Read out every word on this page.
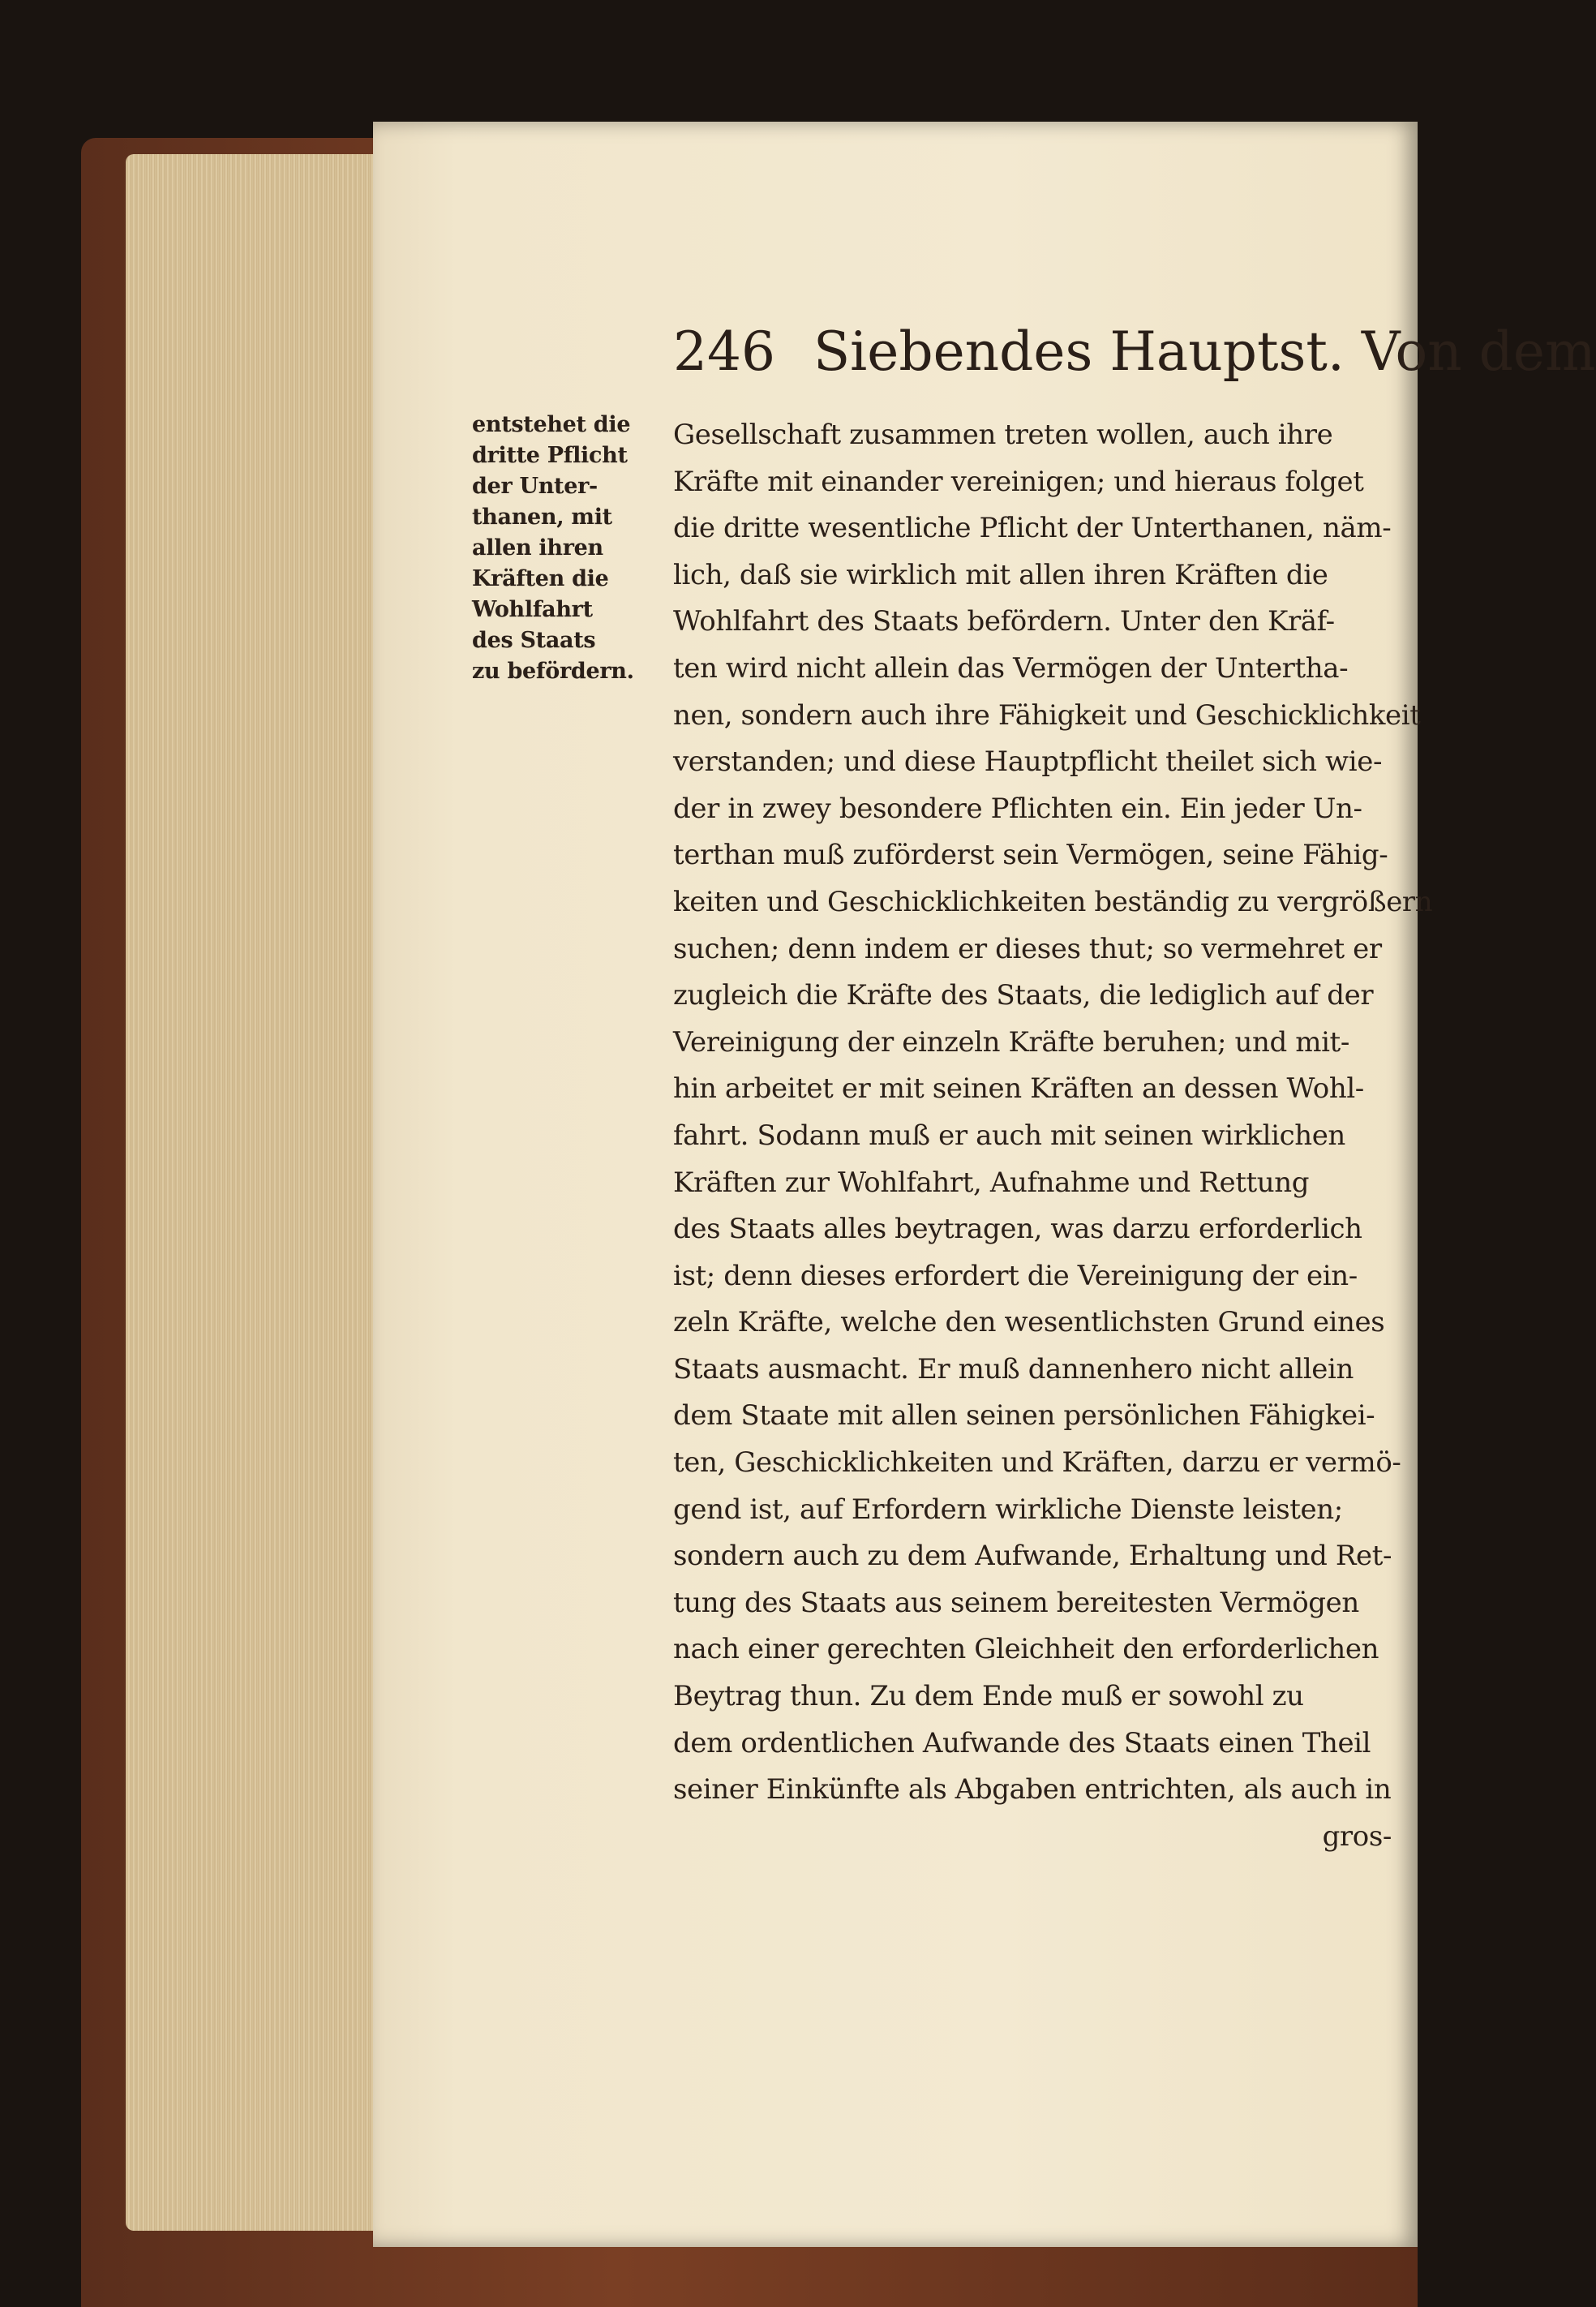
246 Siebendes Hauptst. Von dem
entstehet die
dritte Pflicht
der Unter-
thanen, mit
allen ihren
Kräften die
Wohlfahrt
des Staats
zu befördern.
Gesellschaft zusammen treten wollen, auch ihre
Kräfte mit einander vereinigen; und hieraus folget
die dritte wesentliche Pflicht der Unterthanen, näm-
lich, daß sie wirklich mit allen ihren Kräften die
Wohlfahrt des Staats befördern. Unter den Kräf-
ten wird nicht allein das Vermögen der Untertha-
nen, sondern auch ihre Fähigkeit und Geschicklichkeit
verstanden; und diese Hauptpflicht theilet sich wie-
der in zwey besondere Pflichten ein. Ein jeder Un-
terthan muß zuförderst sein Vermögen, seine Fähig-
keiten und Geschicklichkeiten beständig zu vergrößern
suchen; denn indem er dieses thut; so vermehret er
zugleich die Kräfte des Staats, die lediglich auf der
Vereinigung der einzeln Kräfte beruhen; und mit-
hin arbeitet er mit seinen Kräften an dessen Wohl-
fahrt. Sodann muß er auch mit seinen wirklichen
Kräften zur Wohlfahrt, Aufnahme und Rettung
des Staats alles beytragen, was darzu erforderlich
ist; denn dieses erfordert die Vereinigung der ein-
zeln Kräfte, welche den wesentlichsten Grund eines
Staats ausmacht. Er muß dannenhero nicht allein
dem Staate mit allen seinen persönlichen Fähigkei-
ten, Geschicklichkeiten und Kräften, darzu er vermö-
gend ist, auf Erfordern wirkliche Dienste leisten;
sondern auch zu dem Aufwande, Erhaltung und Ret-
tung des Staats aus seinem bereitesten Vermögen
nach einer gerechten Gleichheit den erforderlichen
Beytrag thun. Zu dem Ende muß er sowohl zu
dem ordentlichen Aufwande des Staats einen Theil
seiner Einkünfte als Abgaben entrichten, als auch in
gros-
